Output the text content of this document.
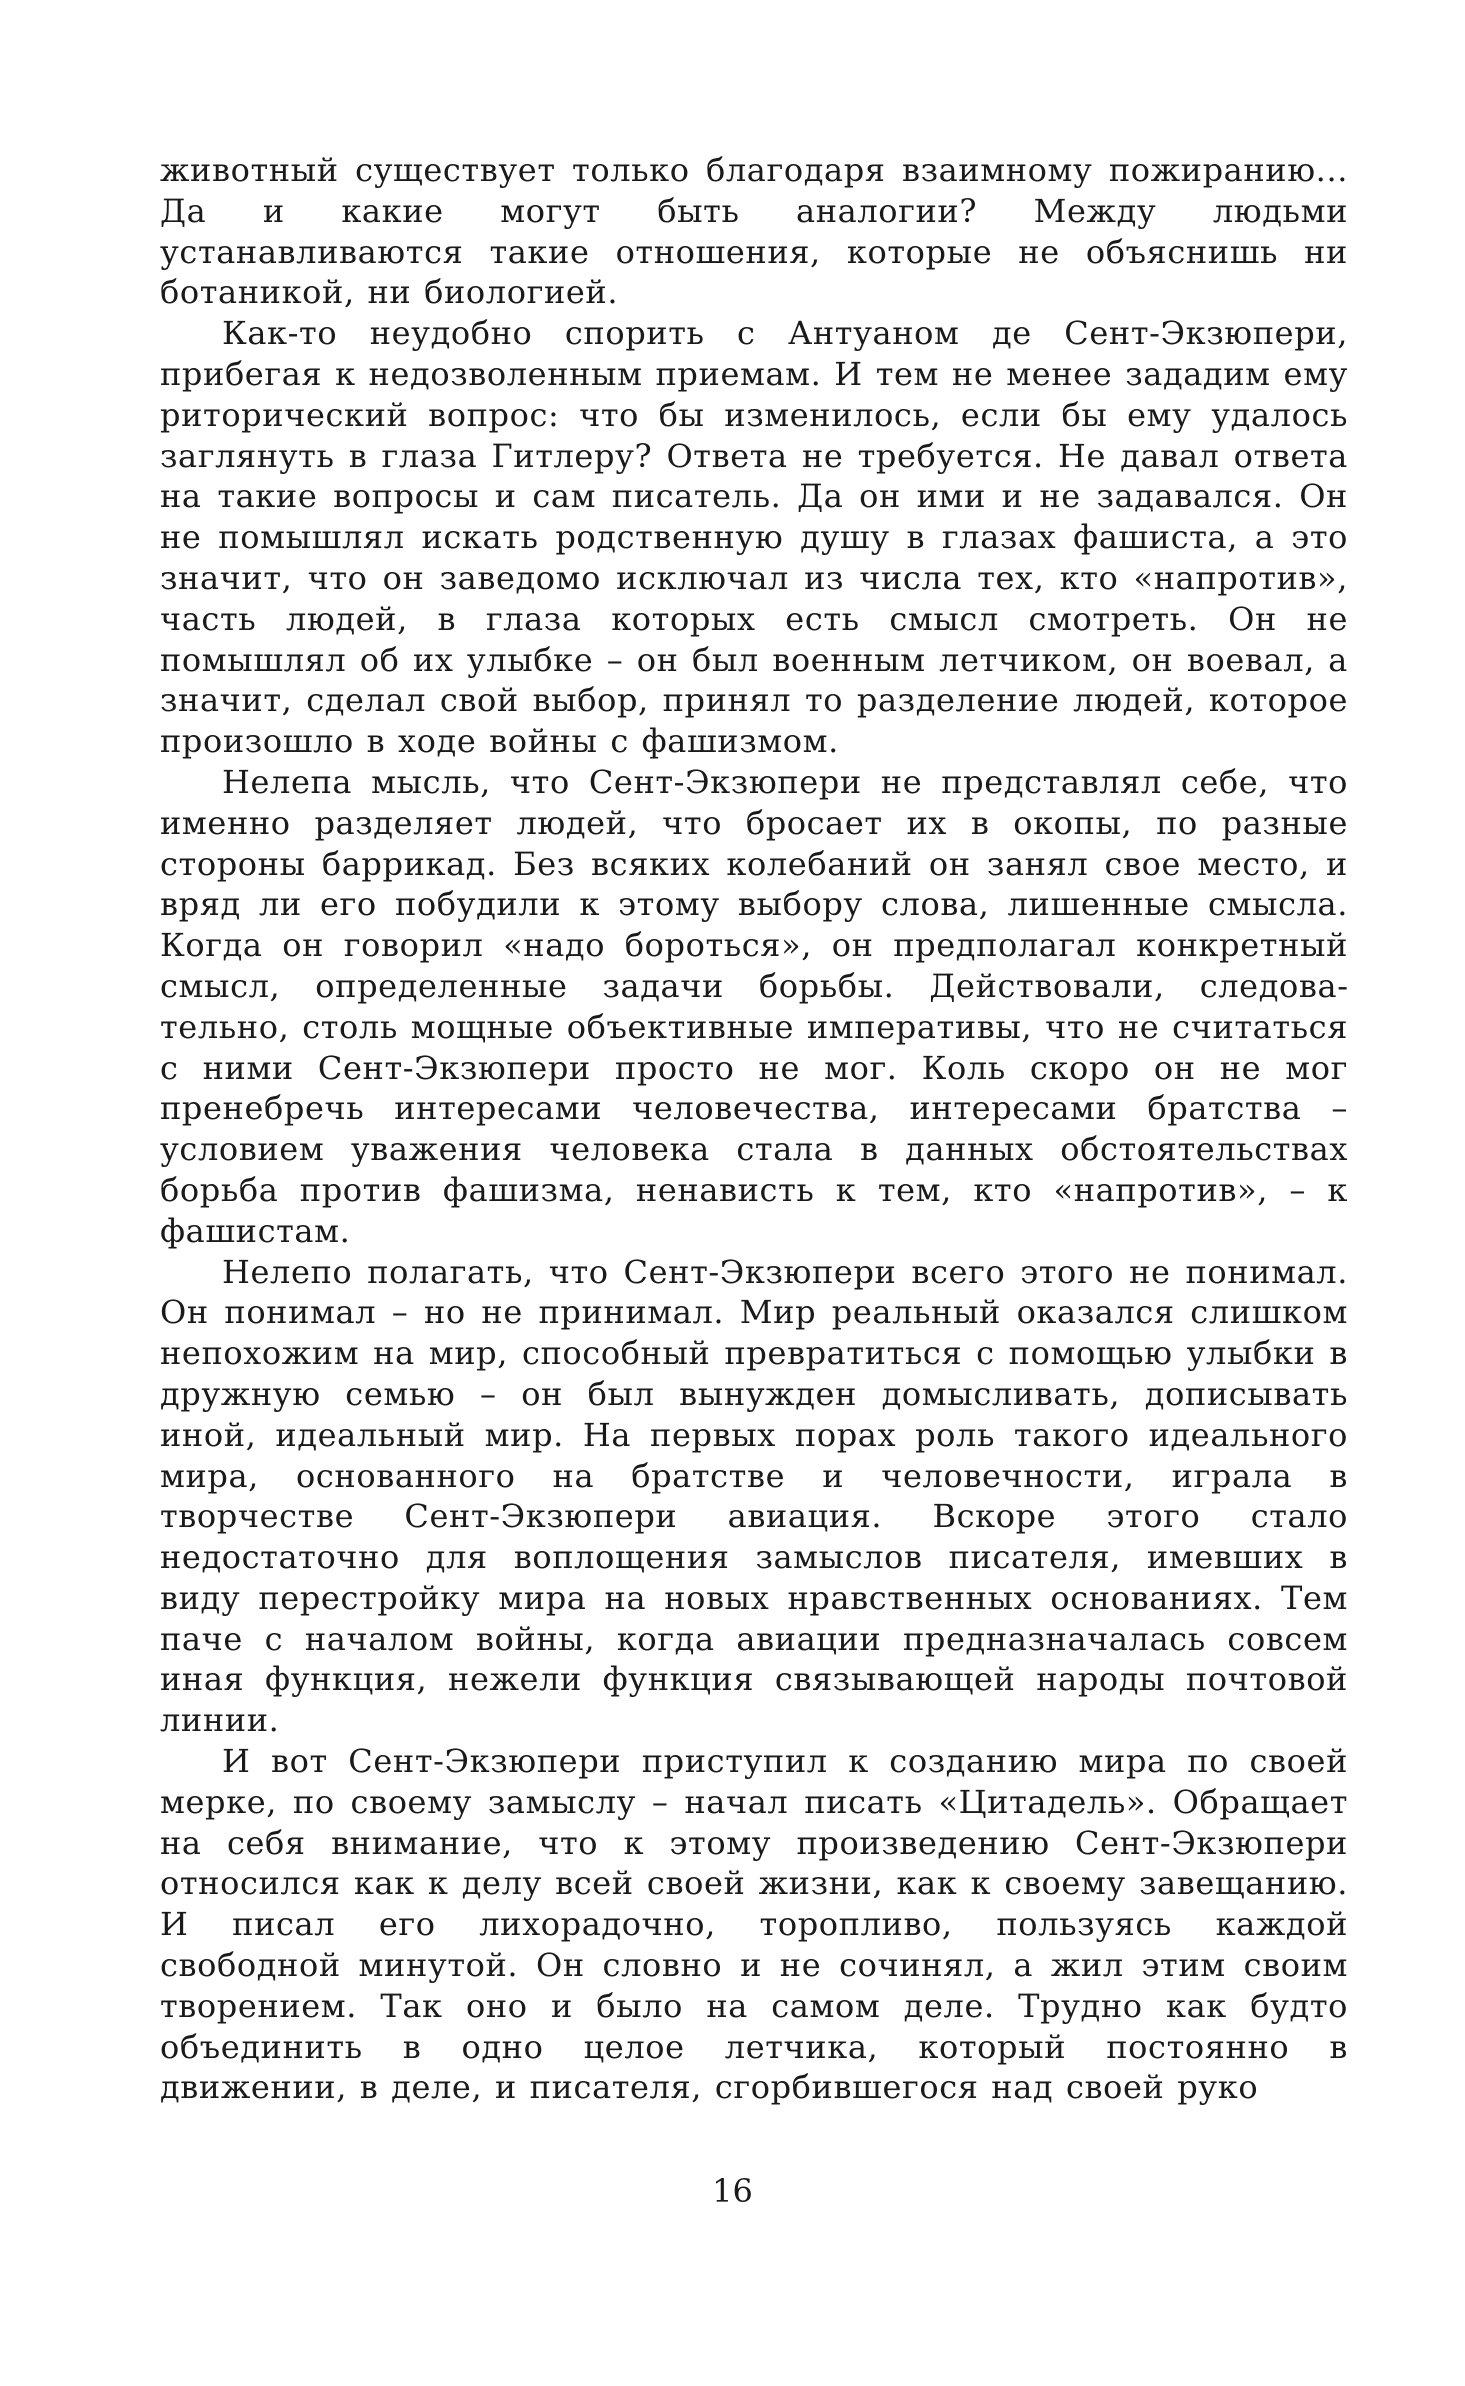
животный существует только благодаря взаимному пожиранию... Да и какие могут быть аналогии? Между людьми устанавливаются такие отношения, которые не объяснишь ни ботаникой, ни биологией.

Как-то неудобно спорить с Антуаном де Сент-Экзюпери, прибегая к недозволенным приемам. И тем не менее зададим ему риторический вопрос: что бы изменилось, если бы ему удалось заглянуть в глаза Гитлеру? Ответа не требуется. Не давал ответа на такие вопросы и сам писатель. Да он ими и не задавался. Он не помышлял искать родственную душу в глазах фашиста, а это значит, что он заведомо исключал из числа тех, кто «напротив», часть людей, в глаза которых есть смысл смотреть. Он не помышлял об их улыбке – он был военным летчиком, он воевал, а значит, сделал свой выбор, принял то разделение людей, которое произошло в ходе войны с фашизмом.

Нелепа мысль, что Сент-Экзюпери не представлял себе, что именно разделяет людей, что бросает их в окопы, по разные стороны баррикад. Без всяких колебаний он занял свое место, и вряд ли его побудили к этому выбору слова, лишенные смысла. Когда он говорил «надо бороться», он предполагал конкретный смысл, определенные задачи борьбы. Действовали, следовательно, столь мощные объективные императивы, что не считаться с ними Сент-Экзюпери просто не мог. Коль скоро он не мог пренебречь интересами человечества, интересами братства – условием уважения человека стала в данных обстоятельствах борьба против фашизма, ненависть к тем, кто «напротив», – к фашистам.

Нелепо полагать, что Сент-Экзюпери всего этого не понимал. Он понимал – но не принимал. Мир реальный оказался слишком непохожим на мир, способный превратиться с помощью улыбки в дружную семью – он был вынужден домысливать, дописывать иной, идеальный мир. На первых порах роль такого идеального мира, основанного на братстве и человечности, играла в творчестве Сент-Экзюпери авиация. Вскоре этого стало недостаточно для воплощения замыслов писателя, имевших в виду перестройку мира на новых нравственных основаниях. Тем паче с началом войны, когда авиации предназначалась совсем иная функция, нежели функция связывающей народы почтовой линии.

И вот Сент-Экзюпери приступил к созданию мира по своей мерке, по своему замыслу – начал писать «Цитадель». Обращает на себя внимание, что к этому произведению Сент-Экзюпери относился как к делу всей своей жизни, как к своему завещанию. И писал его лихорадочно, торопливо, пользуясь каждой свободной минутой. Он словно и не сочинял, а жил этим своим творением. Так оно и было на самом деле. Трудно как будто объединить в одно целое летчика, который постоянно в движении, в деле, и писателя, сгорбившегося над своей руко

16
